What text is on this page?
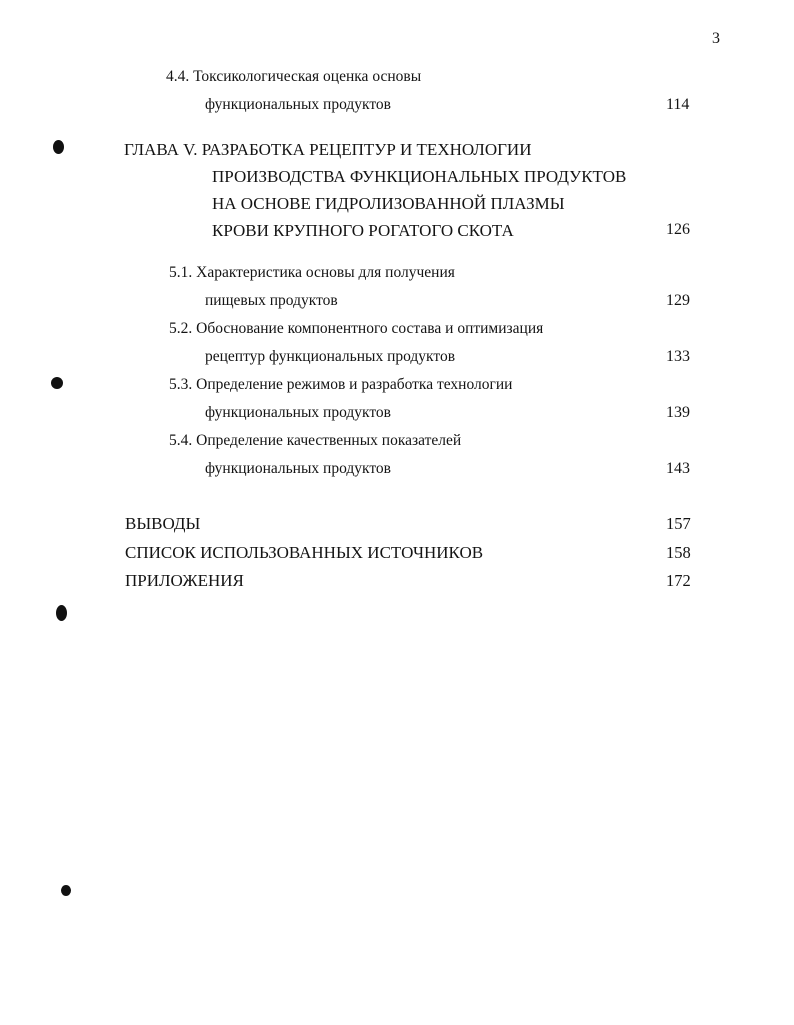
3
4.4. Токсикологическая оценка основы
функциональных продуктов	114
ГЛАВА V. РАЗРАБОТКА РЕЦЕПТУР И ТЕХНОЛОГИИ
ПРОИЗВОДСТВА ФУНКЦИОНАЛЬНЫХ ПРОДУКТОВ
НА ОСНОВЕ ГИДРОЛИЗОВАННОЙ ПЛАЗМЫ
КРОВИ КРУПНОГО РОГАТОГО СКОТА	126
5.1. Характеристика основы для получения
пищевых продуктов	129
5.2. Обоснование компонентного состава и оптимизация
рецептур функциональных продуктов	133
5.3. Определение режимов и разработка технологии
функциональных продуктов	139
5.4. Определение качественных показателей
функциональных продуктов	143
ВЫВОДЫ	157
СПИСОК ИСПОЛЬЗОВАННЫХ ИСТОЧНИКОВ	158
ПРИЛОЖЕНИЯ	172
